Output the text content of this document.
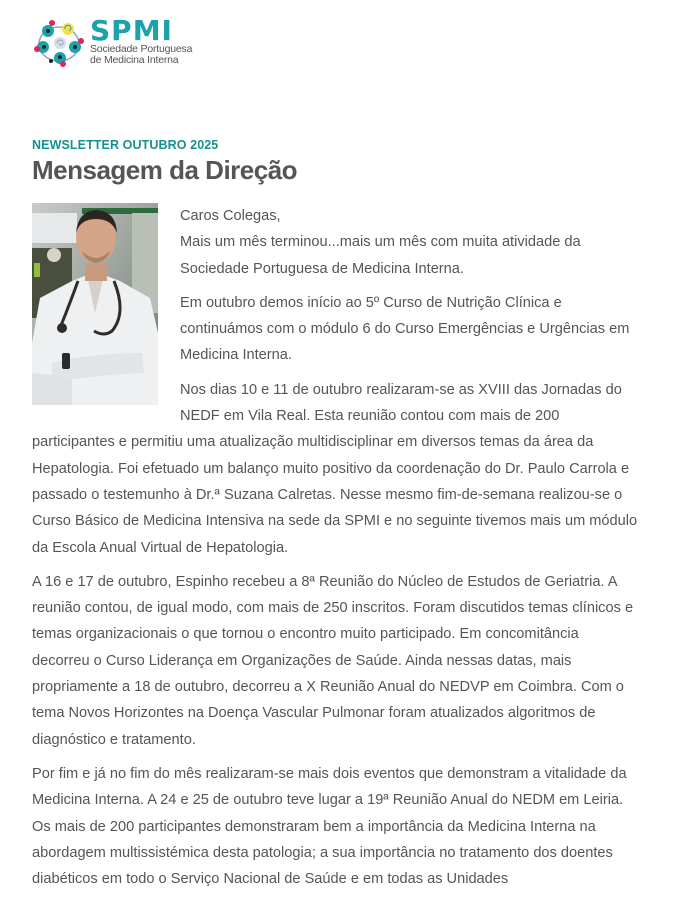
SPMI
Sociedade Portuguesa
de Medicina Interna
NEWSLETTER OUTUBRO 2025
Mensagem da Direção

Caros Colegas,

Mais um mês terminou...mais um mês com muita atividade da Sociedade Portuguesa de Medicina Interna.

Em outubro demos início ao 5º Curso de Nutrição Clínica e continuámos com o módulo 6 do Curso Emergências e Urgências em Medicina Interna.

Nos dias 10 e 11 de outubro realizaram-se as XVIII das Jornadas do NEDF em Vila Real. Esta reunião contou com mais de 200 participantes e permitiu uma atualização multidisciplinar em diversos temas da área da Hepatologia. Foi efetuado um balanço muito positivo da coordenação do Dr. Paulo Carrola e passado o testemunho à Dr.ª Suzana Calretas. Nesse mesmo fim-de-semana realizou-se o Curso Básico de Medicina Intensiva na sede da SPMI e no seguinte tivemos mais um módulo da Escola Anual Virtual de Hepatologia.

A 16 e 17 de outubro, Espinho recebeu a 8ª Reunião do Núcleo de Estudos de Geriatria. A reunião contou, de igual modo, com mais de 250 inscritos. Foram discutidos temas clínicos e temas organizacionais o que tornou o encontro muito participado. Em concomitância decorreu o Curso Liderança em Organizações de Saúde. Ainda nessas datas, mais propriamente a 18 de outubro, decorreu a X Reunião Anual do NEDVP em Coimbra. Com o tema Novos Horizontes na Doença Vascular Pulmonar foram atualizados algoritmos de diagnóstico e tratamento.

Por fim e já no fim do mês realizaram-se mais dois eventos que demonstram a vitalidade da Medicina Interna. A 24 e 25 de outubro teve lugar a 19ª Reunião Anual do NEDM em Leiria. Os mais de 200 participantes demonstraram bem a importância da Medicina Interna na abordagem multissistémica desta patologia; a sua importância no tratamento dos doentes diabéticos em todo o Serviço Nacional de Saúde e em todas as Unidades
